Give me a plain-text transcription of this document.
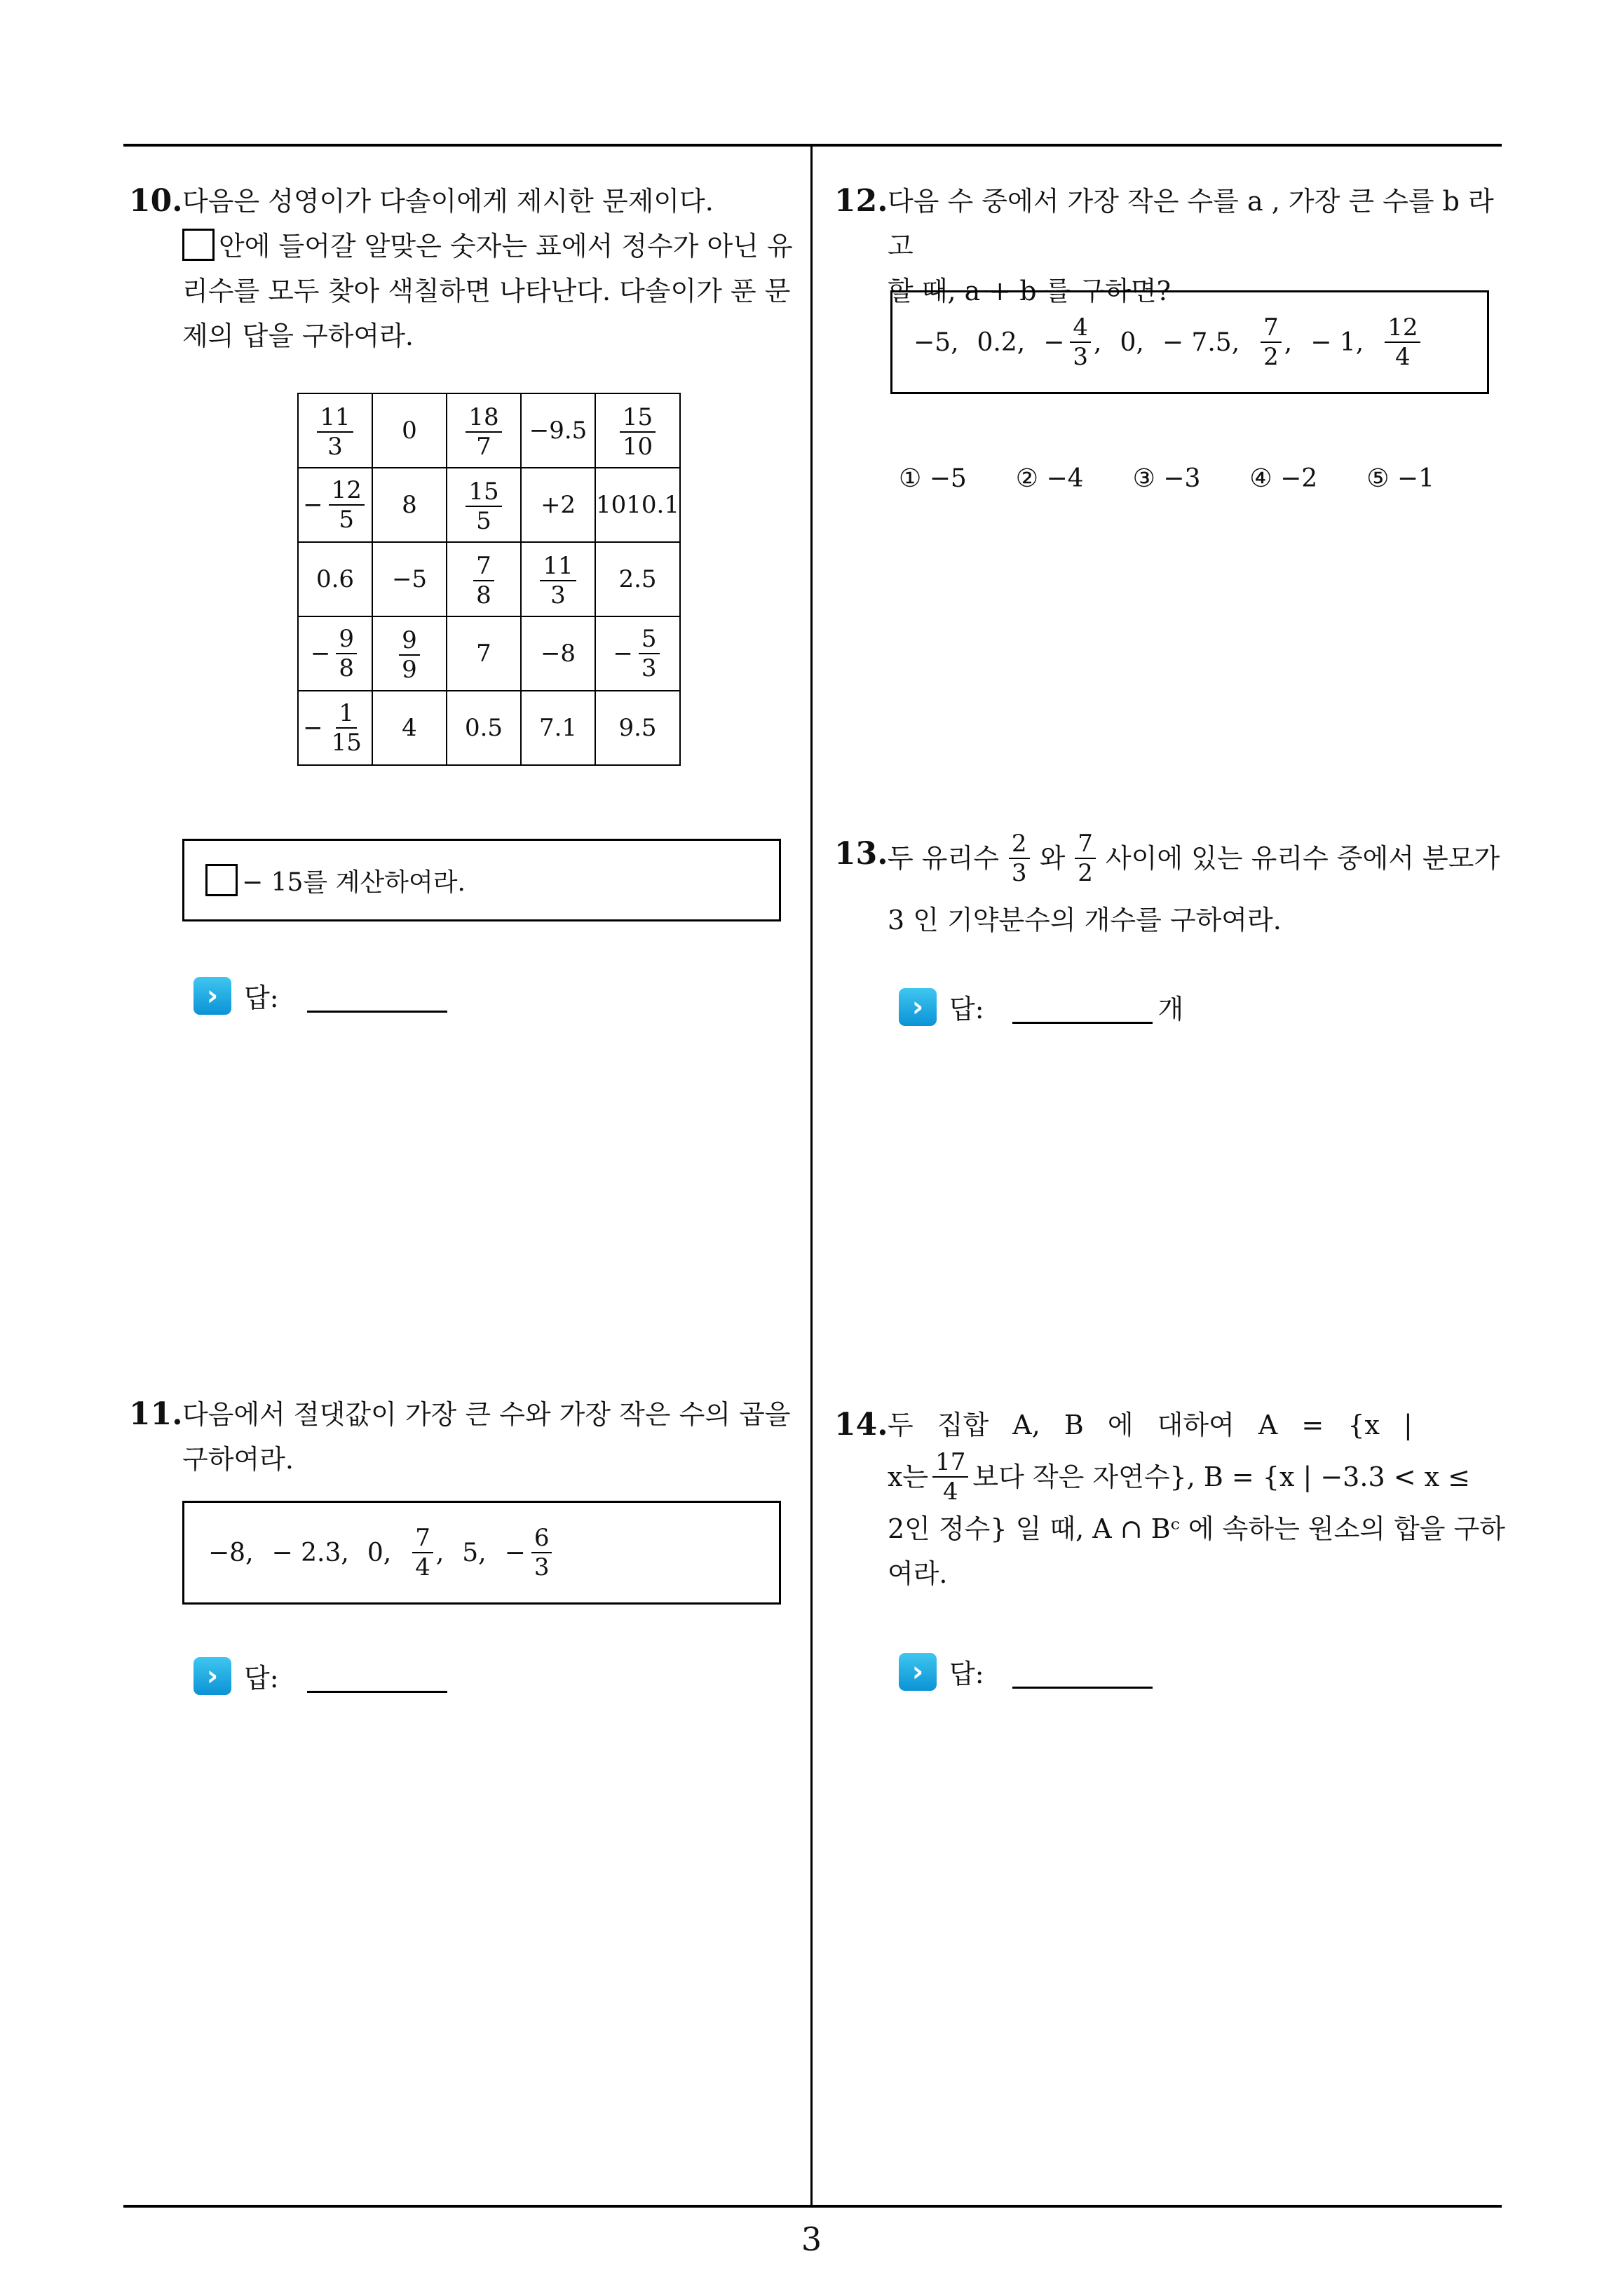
10. 다음은 성영이가 다솔이에게 제시한 문제이다.

안에 들어갈 알맞은 숫자는 표에서 정수가 아닌 유

리수를 모두 찾아 색칠하면 나타난다. 다솔이가 푼 문

제의 답을 구하여라.

$\frac{11}{3}$	0	$\frac{18}{7}$	−9.5	$\frac{15}{10}$

− $\frac{12}{5}$	8	$\frac{15}{5}$	+2	1010.1
0.6	−5	$\frac{7}{8}$	$\frac{11}{3}$	2.5

− $\frac{9}{8}$	$\frac{9}{9}$	7	−8	− $\frac{5}{3}$

− $\frac{1}{15}$	4	0.5	7.1	9.5
− 15를 계산하여라.
› 답:
11. 다음에서 절댓값이 가장 큰 수와 가장 작은 수의 곱을

구하여라.

−8, − 2.3, 0, $\frac{7}{4}$ , 5, − $\frac{6}{3}$
› 답:
12. 다음 수 중에서 가장 작은 수를 a , 가장 큰 수를 b 라고

할 때, a + b 를 구하면?

−5, 0.2, − $\frac{4}{3}$ , 0, − 7.5, $\frac{7}{2}$ , − 1, $\frac{12}{4}$
① −5 ② −4 ③ −3 ④ −2 ⑤ −1
13. 두 유리수 $\frac{2}{3}$ 와 $\frac{7}{2}$ 사이에 있는 유리수 중에서 분모가

3 인 기약분수의 개수를 구하여라.

› 답:	개
14. 두 집합 A, B 에 대하여 A = {x |

x는 $\frac{17}{4}$ 보다 작은 자연수}, B = {x | −3.3 < x ≤

2인 정수} 일 때, A ∩ Bᶜ 에 속하는 원소의 합을 구하

여라.

› 답:
3
